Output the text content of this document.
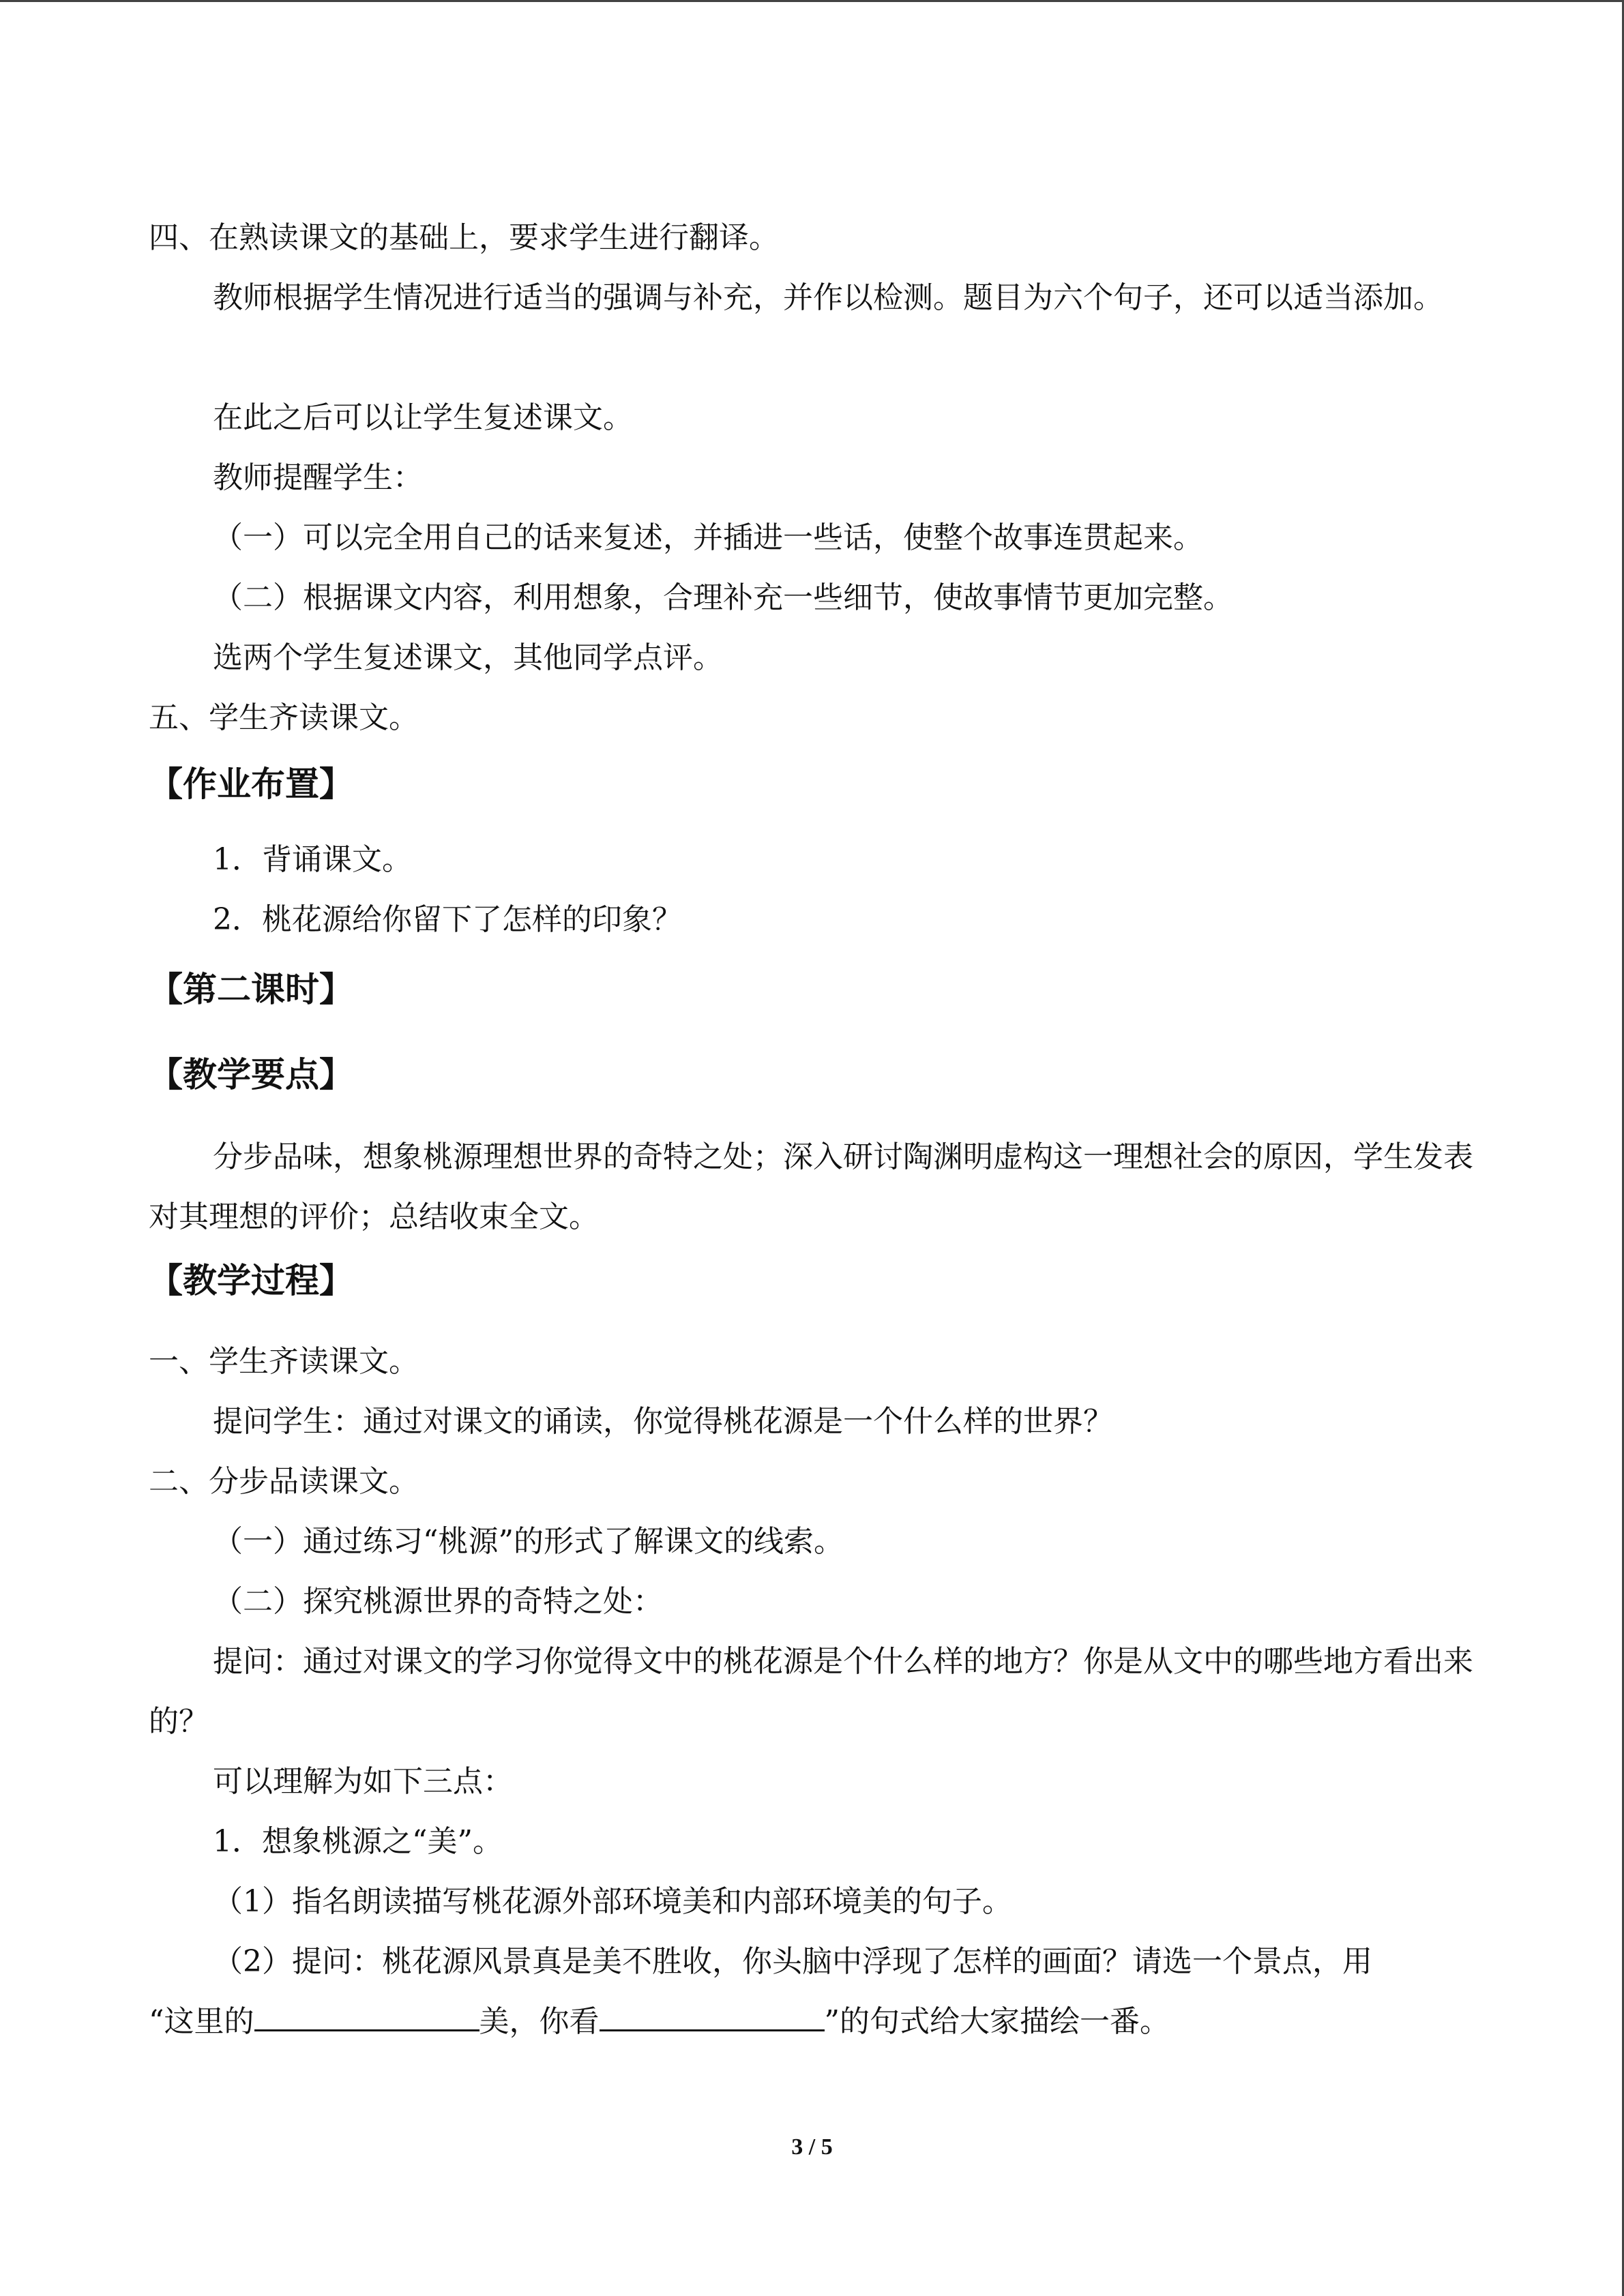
四、在熟读课文的基础上，要求学生进行翻译。

教师根据学生情况进行适当的强调与补充，并作以检测。题目为六个句子，还可以适当添加。

在此之后可以让学生复述课文。

教师提醒学生：

（一）可以完全用自己的话来复述，并插进一些话，使整个故事连贯起来。

（二）根据课文内容，利用想象，合理补充一些细节，使故事情节更加完整。

选两个学生复述课文，其他同学点评。

五、学生齐读课文。

【作业布置】

1．背诵课文。

2．桃花源给你留下了怎样的印象？

【第二课时】

【教学要点】

分步品味，想象桃源理想世界的奇特之处；深入研讨陶渊明虚构这一理想社会的原因，学生发表对其理想的评价；总结收束全文。

【教学过程】

一、学生齐读课文。

提问学生：通过对课文的诵读，你觉得桃花源是一个什么样的世界？

二、分步品读课文。

（一）通过练习“桃源”的形式了解课文的线索。

（二）探究桃源世界的奇特之处：

提问：通过对课文的学习你觉得文中的桃花源是个什么样的地方？你是从文中的哪些地方看出来的？

可以理解为如下三点：

1．想象桃源之“美”。

（1）指名朗读描写桃花源外部环境美和内部环境美的句子。

（2）提问：桃花源风景真是美不胜收，你头脑中浮现了怎样的画面？请选一个景点，用

“这里的	美，你看	”的句式给大家描绘一番。

3 / 5
